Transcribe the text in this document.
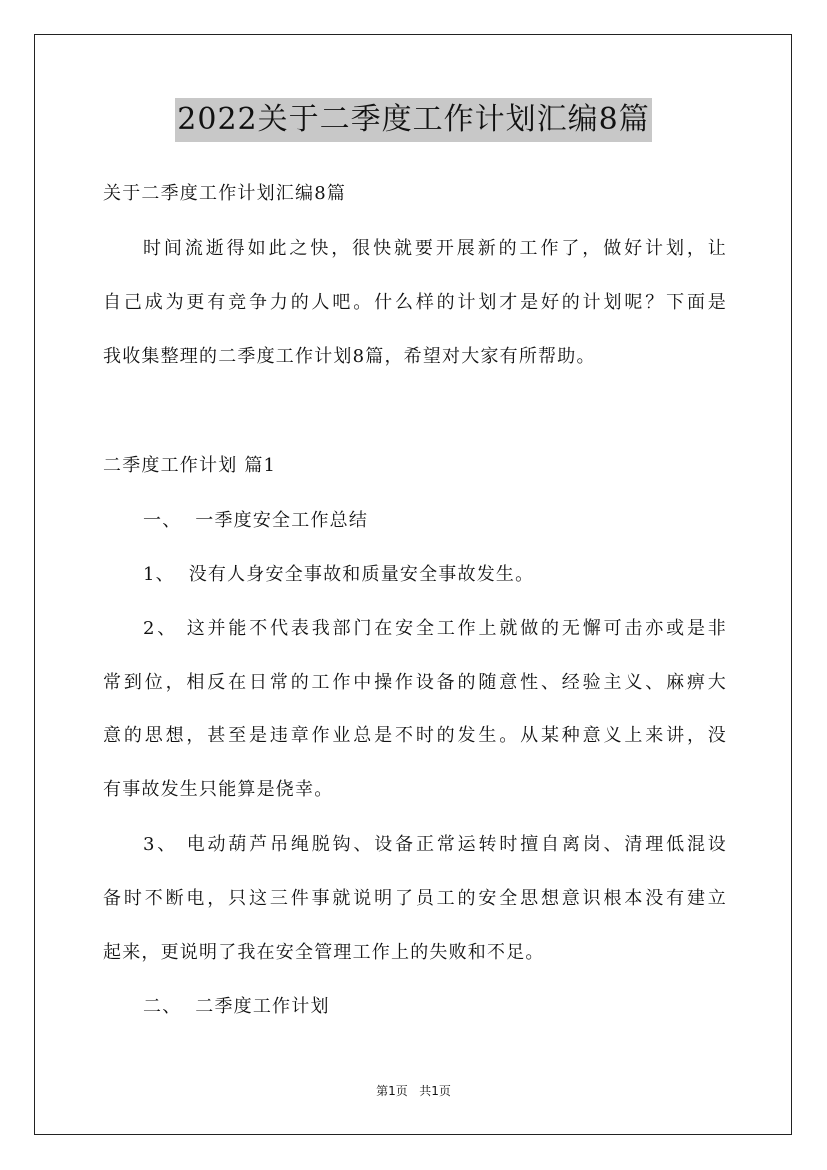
2022关于二季度工作计划汇编8篇
关于二季度工作计划汇编8篇
时间流逝得如此之快，很快就要开展新的工作了，做好计划，让
自己成为更有竞争力的人吧。什么样的计划才是好的计划呢？下面是
我收集整理的二季度工作计划8篇，希望对大家有所帮助。
二季度工作计划 篇1
一、  一季度安全工作总结
1、  没有人身安全事故和质量安全事故发生。
2、 这并能不代表我部门在安全工作上就做的无懈可击亦或是非
常到位，相反在日常的工作中操作设备的随意性、经验主义、麻痹大
意的思想，甚至是违章作业总是不时的发生。从某种意义上来讲，没
有事故发生只能算是侥幸。
3、 电动葫芦吊绳脱钩、设备正常运转时擅自离岗、清理低混设
备时不断电，只这三件事就说明了员工的安全思想意识根本没有建立
起来，更说明了我在安全管理工作上的失败和不足。
二、  二季度工作计划
第1页 共1页
